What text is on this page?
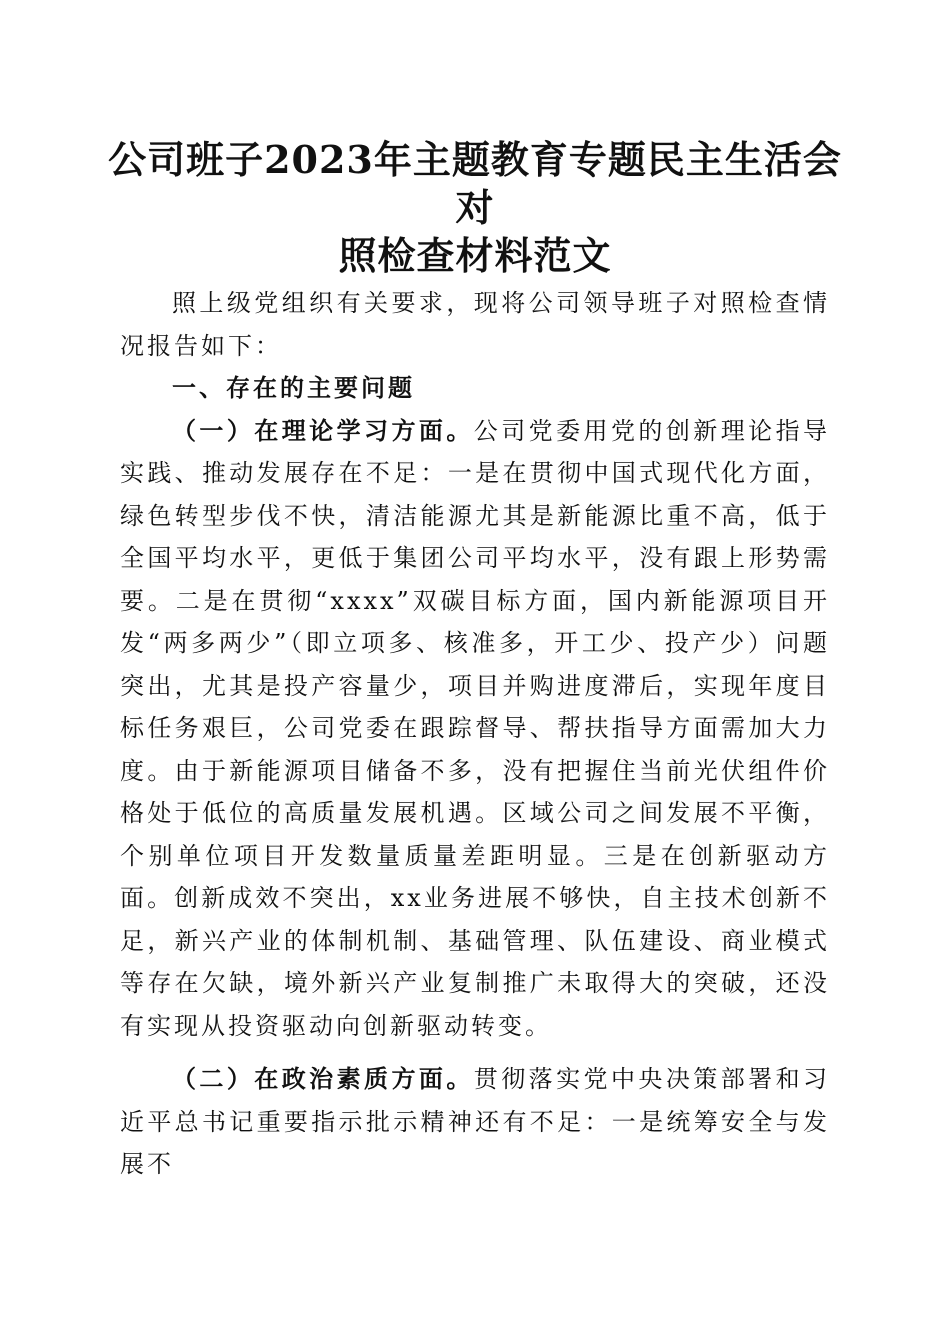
公司班子2023年主题教育专题民主生活会对
照检查材料范文

照上级党组织有关要求，现将公司领导班子对照检查情况报告如下：

一、存在的主要问题

（一）在理论学习方面。公司党委用党的创新理论指导实践、推动发展存在不足：一是在贯彻中国式现代化方面，绿色转型步伐不快，清洁能源尤其是新能源比重不高，低于全国平均水平，更低于集团公司平均水平，没有跟上形势需要。二是在贯彻“xxxx”双碳目标方面，国内新能源项目开发“两多两少”（即立项多、核准多，开工少、投产少）问题突出，尤其是投产容量少，项目并购进度滞后，实现年度目标任务艰巨，公司党委在跟踪督导、帮扶指导方面需加大力度。由于新能源项目储备不多，没有把握住当前光伏组件价格处于低位的高质量发展机遇。区域公司之间发展不平衡，个别单位项目开发数量质量差距明显。三是在创新驱动方面。创新成效不突出，xx业务进展不够快，自主技术创新不足，新兴产业的体制机制、基础管理、队伍建设、商业模式等存在欠缺，境外新兴产业复制推广未取得大的突破，还没有实现从投资驱动向创新驱动转变。

（二）在政治素质方面。贯彻落实党中央决策部署和习近平总书记重要指示批示精神还有不足：一是统筹安全与发展不
